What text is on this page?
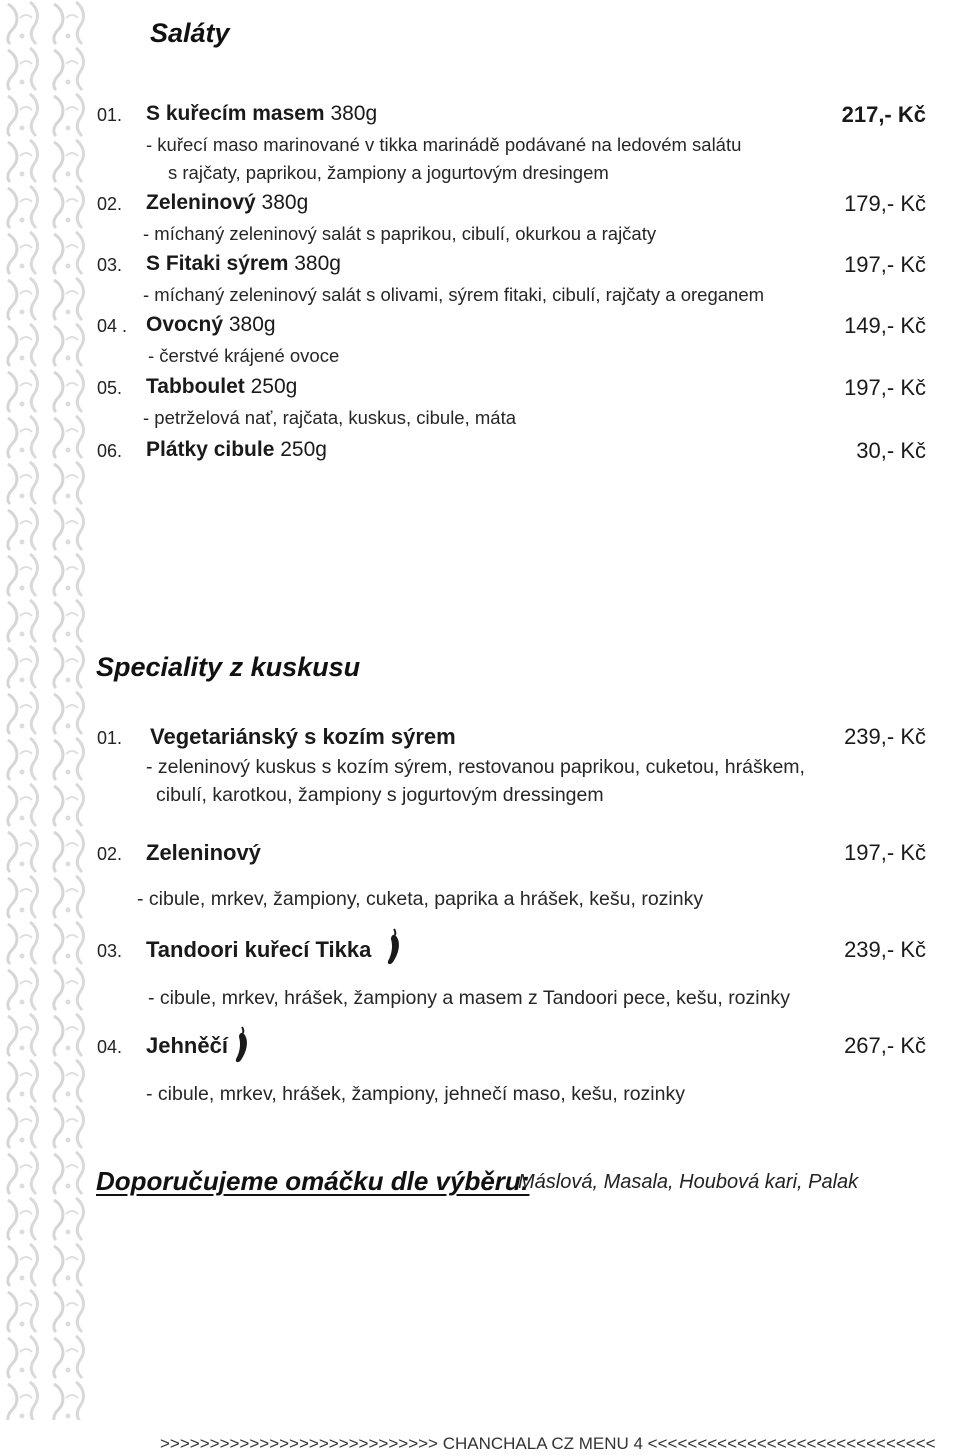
Saláty
01. S kuřecím masem 380g	217,- Kč
- kuřecí maso marinované v tikka marinádě podávané na ledovém salátu
s rajčaty, paprikou, žampiony a jogurtovým dresingem
02. Zeleninový 380g	179,- Kč
- míchaný zeleninový salát s paprikou, cibulí, okurkou a rajčaty
03. S Fitaki sýrem 380g	197,- Kč
- míchaný zeleninový salát s olivami, sýrem fitaki, cibulí, rajčaty a oreganem
04 . Ovocný 380g	149,- Kč
- čerstvé krájené ovoce
05. Tabboulet 250g	197,- Kč
- petrželová nať, rajčata, kuskus, cibule, máta
06. Plátky cibule 250g	30,- Kč
Speciality z kuskusu
01. Vegetariánský s kozím sýrem	239,- Kč
- zeleninový kuskus s kozím sýrem, restovanou paprikou, cuketou, hráškem,
cibulí, karotkou, žampiony s jogurtovým dressingem
02. Zeleninový	197,- Kč
- cibule, mrkev, žampiony, cuketa, paprika a hrášek, kešu, rozinky
03. Tandoori kuřecí Tikka	239,- Kč
- cibule, mrkev, hrášek, žampiony a masem z Tandoori pece, kešu, rozinky
04. Jehněčí	267,- Kč
- cibule, mrkev, hrášek, žampiony, jehnečí maso, kešu, rozinky
Doporučujeme omáčku dle výběru:
Máslová, Masala, Houbová kari, Palak
>>>>>>>>>>>>>>>>>>>>>>>>>>>> CHANCHALA CZ MENU 4 <<<<<<<<<<<<<<<<<<<<<<<<<<<<<
